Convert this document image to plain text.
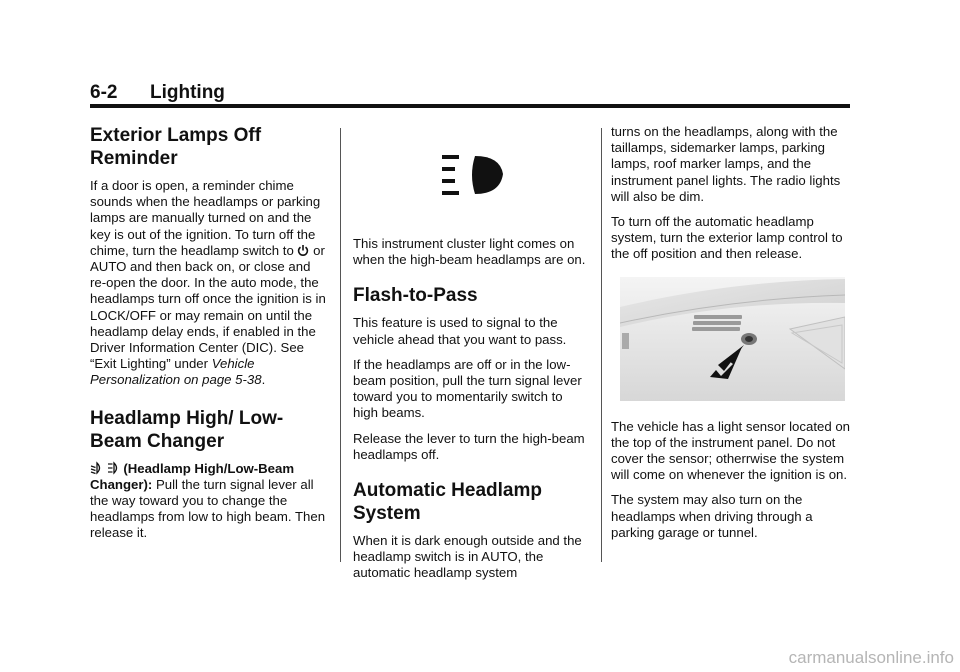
6-2 Lighting
Exterior Lamps Off Reminder

If a door is open, a reminder chime sounds when the headlamps or parking lamps are manually turned on and the key is out of the ignition. To turn off the chime, turn the headlamp switch to or AUTO and then back on, or close and re-open the door. In the auto mode, the headlamps turn off once the ignition is in LOCK/OFF or may remain on until the headlamp delay ends, if enabled in the Driver Information Center (DIC). See “Exit Lighting” under Vehicle Personalization on page 5-38.

Headlamp High/ Low-Beam Changer

(Headlamp High/Low-Beam Changer): Pull the turn signal lever all the way toward you to change the headlamps from low to high beam. Then release it.

This instrument cluster light comes on when the high-beam headlamps are on.

Flash-to-Pass

This feature is used to signal to the vehicle ahead that you want to pass.

If the headlamps are off or in the low-beam position, pull the turn signal lever toward you to momentarily switch to high beams.

Release the lever to turn the high-beam headlamps off.

Automatic Headlamp System

When it is dark enough outside and the headlamp switch is in AUTO, the automatic headlamp system

turns on the headlamps, along with the taillamps, sidemarker lamps, parking lamps, roof marker lamps, and the instrument panel lights. The radio lights will also be dim.

To turn off the automatic headlamp system, turn the exterior lamp control to the off position and then release.

The vehicle has a light sensor located on the top of the instrument panel. Do not cover the sensor; otherrwise the system will come on whenever the ignition is on.

The system may also turn on the headlamps when driving through a parking garage or tunnel.

carmanualsonline.info
